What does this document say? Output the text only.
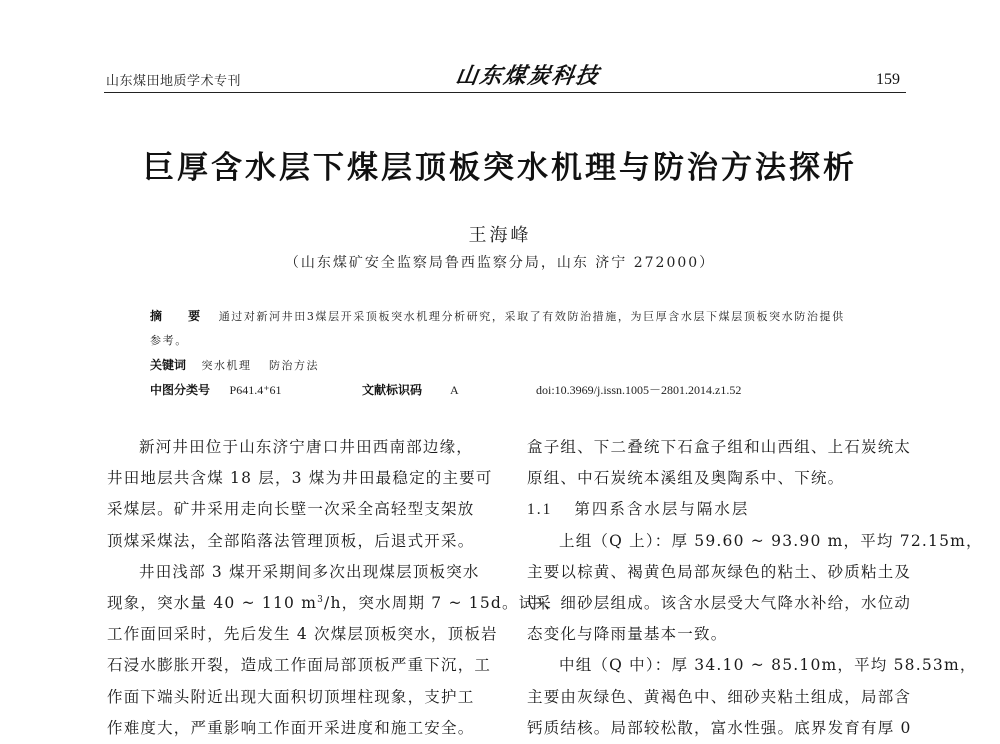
山东煤田地质学术专刊	山东煤炭科技	159
巨厚含水层下煤层顶板突水机理与防治方法探析
王海峰
（山东煤矿安全监察局鲁西监察分局，山东 济宁 272000）
摘 要 通过对新河井田3煤层开采顶板突水机理分析研究，采取了有效防治措施，为巨厚含水层下煤层顶板突水防治提供
参考。
关键词 突水机理 防治方法
中图分类号 P641.4⁺61	文献标识码 A	doi:10.3969/j.issn.1005－2801.2014.z1.52

新河井田位于山东济宁唐口井田西南部边缘，
井田地层共含煤 18 层，3 煤为井田最稳定的主要可
采煤层。矿井采用走向长壁一次采全高轻型支架放
顶煤采煤法，全部陷落法管理顶板，后退式开采。

井田浅部 3 煤开采期间多次出现煤层顶板突水
现象，突水量 40 ~ 110 $m^3/h$，突水周期 7 ~ 15d。试采
工作面回采时，先后发生 4 次煤层顶板突水，顶板岩
石浸水膨胀开裂，造成工作面局部顶板严重下沉，工
作面下端头附近出现大面积切顶埋柱现象，支护工
作难度大，严重影响工作面开采进度和施工安全。

盒子组、下二叠统下石盒子组和山西组、上石炭统太
原组、中石炭统本溪组及奥陶系中、下统。

1.1 第四系含水层与隔水层

上组（Q 上）：厚 59.60 ~ 93.90 m，平均 72.15m，
主要以棕黄、褐黄色局部灰绿色的粘土、砂质粘土及
中、细砂层组成。该含水层受大气降水补给，水位动
态变化与降雨量基本一致。

中组（Q 中）：厚 34.10 ~ 85.10m，平均 58.53m，
主要由灰绿色、黄褐色中、细砂夹粘土组成，局部含
钙质结核。局部较松散，富水性强。底界发育有厚 0
